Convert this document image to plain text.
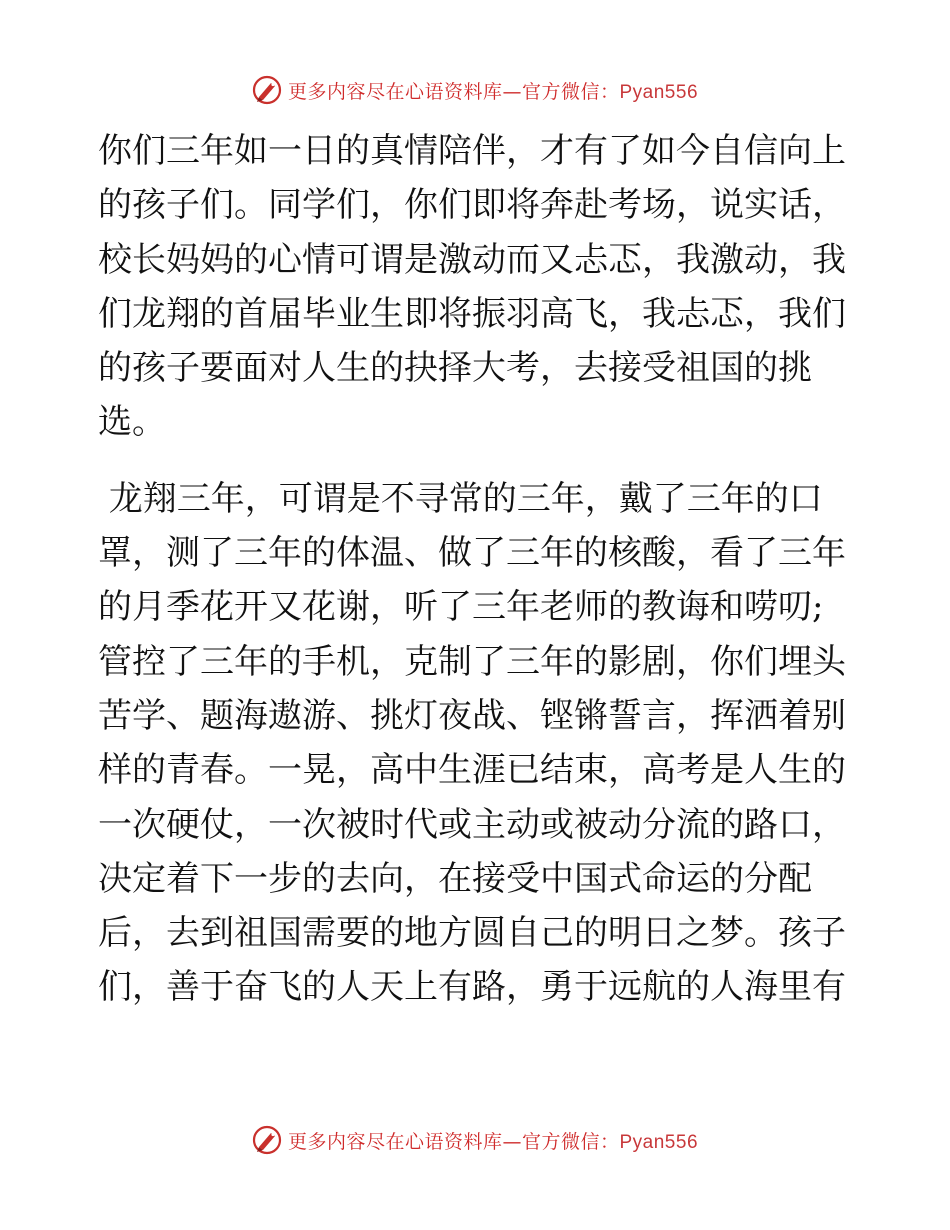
更多内容尽在心语资料库—官方微信：Pyan556
你们三年如一日的真情陪伴，才有了如今自信向上
的孩子们。同学们，你们即将奔赴考场，说实话，
校长妈妈的心情可谓是激动而又忐忑，我激动，我
们龙翔的首届毕业生即将振羽高飞，我忐忑，我们
的孩子要面对人生的抉择大考，去接受祖国的挑
选。
龙翔三年，可谓是不寻常的三年，戴了三年的口
罩，测了三年的体温、做了三年的核酸，看了三年
的月季花开又花谢，听了三年老师的教诲和唠叨;
管控了三年的手机，克制了三年的影剧，你们埋头
苦学、题海遨游、挑灯夜战、铿锵誓言，挥洒着别
样的青春。一晃，高中生涯已结束，高考是人生的
一次硬仗，一次被时代或主动或被动分流的路口，
决定着下一步的去向，在接受中国式命运的分配
后，去到祖国需要的地方圆自己的明日之梦。孩子
们，善于奋飞的人天上有路，勇于远航的人海里有
更多内容尽在心语资料库—官方微信：Pyan556
